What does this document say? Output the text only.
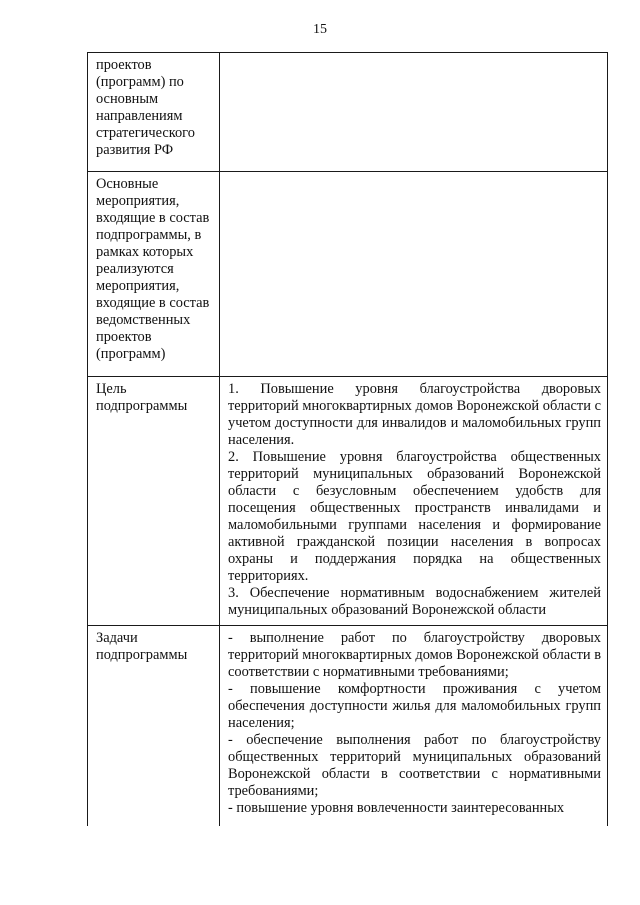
15
проектов (программ) по основным направлениям стратегического развития РФ	
Основные мероприятия, входящие в состав подпрограммы, в рамках которых реализуются мероприятия, входящие в состав ведомственных проектов (программ)	
Цель подпрограммы	1. Повышение уровня благоустройства дворовых территорий многоквартирных домов Воронежской области с учетом доступности для инвалидов и маломобильных групп населения.

2. Повышение уровня благоустройства общественных территорий муниципальных образований Воронежской области с безусловным обеспечением удобств для посещения общественных пространств инвалидами и маломобильными группами населения и формирование активной гражданской позиции населения в вопросах охраны и поддержания порядка на общественных территориях.

3. Обеспечение нормативным водоснабжением жителей муниципальных образований Воронежской области

Задачи подпрограммы	- выполнение работ по благоустройству дворовых территорий многоквартирных домов Воронежской области в соответствии с нормативными требованиями;

- повышение комфортности проживания с учетом обеспечения доступности жилья для маломобильных групп населения;

- обеспечение выполнения работ по благоустройству общественных территорий муниципальных образований Воронежской области в соответствии с нормативными требованиями;

- повышение уровня вовлеченности заинтересованных
